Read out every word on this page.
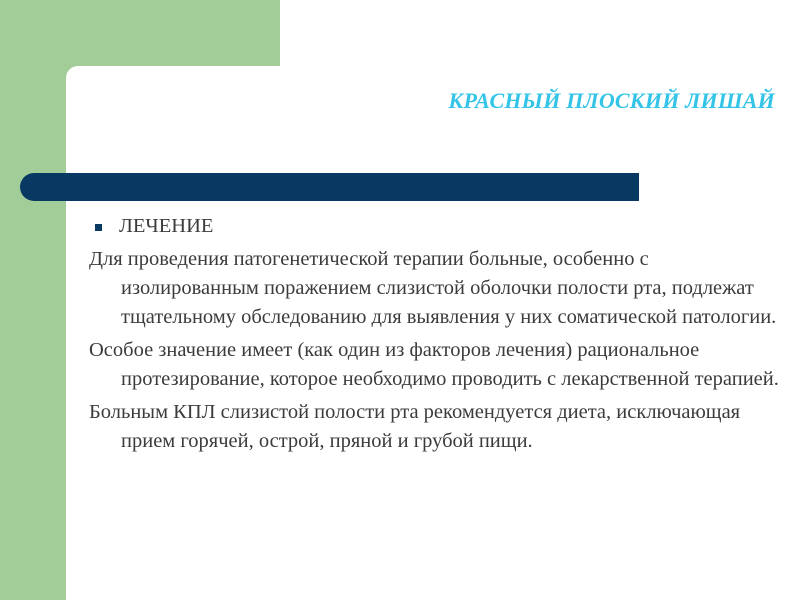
КРАСНЫЙ ПЛОСКИЙ ЛИШАЙ
ЛЕЧЕНИЕ
Для проведения патогенетической терапии больные, особенно с изолированным поражением слизистой оболочки полости рта, подлежат тщательному обследованию для выявления у них соматической патологии.
Особое значение имеет (как один из факторов лечения) рациональное протезирование, которое необходимо проводить с лекарственной терапией.
Больным КПЛ слизистой полости рта рекомендуется диета, исключающая прием горячей, острой, пряной и грубой пищи.
